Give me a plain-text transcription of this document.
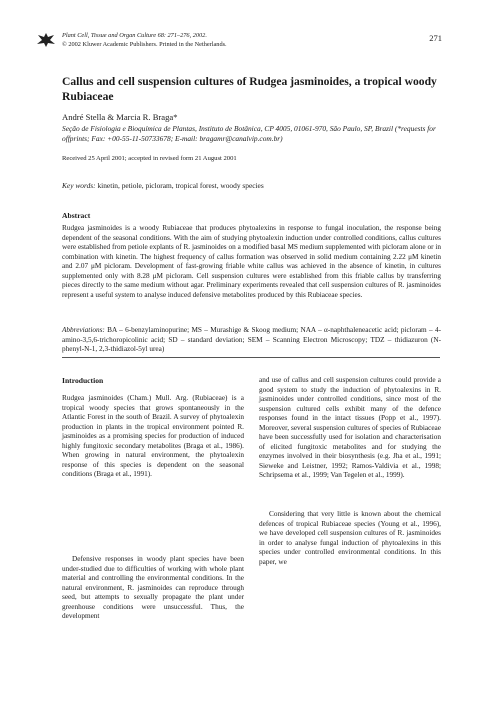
Plant Cell, Tissue and Organ Culture 68: 271–276, 2002.
© 2002 Kluwer Academic Publishers. Printed in the Netherlands.
271
Callus and cell suspension cultures of Rudgea jasminoides, a tropical woody Rubiaceae
André Stella & Marcia R. Braga*
Seção de Fisiologia e Bioquímica de Plantas, Instituto de Botânica, CP 4005, 01061-970, São Paulo, SP, Brazil (*requests for offprints; Fax: +00-55-11-50733678; E-mail: bragamr@canalvip.com.br)
Received 25 April 2001; accepted in revised form 21 August 2001
Key words: kinetin, petiole, picloram, tropical forest, woody species
Abstract

Rudgea jasminoides is a woody Rubiaceae that produces phytoalexins in response to fungal inoculation, the response being dependent of the seasonal conditions. With the aim of studying phytoalexin induction under controlled conditions, callus cultures were established from petiole explants of R. jasminoides on a modified basal MS medium supplemented with picloram alone or in combination with kinetin. The highest frequency of callus formation was observed in solid medium containing 2.22 μM kinetin and 2.07 μM picloram. Development of fast-growing friable white callus was achieved in the absence of kinetin, in cultures supplemented only with 8.28 μM picloram. Cell suspension cultures were established from this friable callus by transferring pieces directly to the same medium without agar. Preliminary experiments revealed that cell suspension cultures of R. jasminoides represent a useful system to analyse induced defensive metabolites produced by this Rubiaceae species.

Abbreviations: BA – 6-benzylaminopurine; MS – Murashige & Skoog medium; NAA – α-naphthaleneacetic acid; picloram – 4-amino-3,5,6-trichoropicolinic acid; SD – standard deviation; SEM – Scanning Electron Microscopy; TDZ – thidiazuron (N-phenyl-N-1, 2,3-thidiazol-5yl urea)
Introduction

Rudgea jasminoides (Cham.) Mull. Arg. (Rubiaceae) is a tropical woody species that grows spontaneously in the Atlantic Forest in the south of Brazil. A survey of phytoalexin production in plants in the tropical environment pointed R. jasminoides as a promising species for production of induced highly fungitoxic secondary metabolites (Braga et al., 1986). When growing in natural environment, the phytoalexin response of this species is dependent on the seasonal conditions (Braga et al., 1991).

Defensive responses in woody plant species have been under-studied due to difficulties of working with whole plant material and controlling the environmental conditions. In the natural environment, R. jasminoides can reproduce through seed, but attempts to sexually propagate the plant under greenhouse conditions were unsuccessful. Thus, the development

and use of callus and cell suspension cultures could provide a good system to study the induction of phytoalexins in R. jasminoides under controlled conditions, since most of the suspension cultured cells exhibit many of the defence responses found in the intact tissues (Popp et al., 1997). Moreover, several suspension cultures of species of Rubiaceae have been successfully used for isolation and characterisation of elicited fungitoxic metabolites and for studying the enzymes involved in their biosynthesis (e.g. Jha et al., 1991; Sieweke and Leistner, 1992; Ramos-Valdivia et al., 1998; Schripsema et al., 1999; Van Tegelen et al., 1999).

Considering that very little is known about the chemical defences of tropical Rubiaceae species (Young et al., 1996), we have developed cell suspension cultures of R. jasminoides in order to analyse fungal induction of phytoalexins in this species under controlled environmental conditions. In this paper, we
